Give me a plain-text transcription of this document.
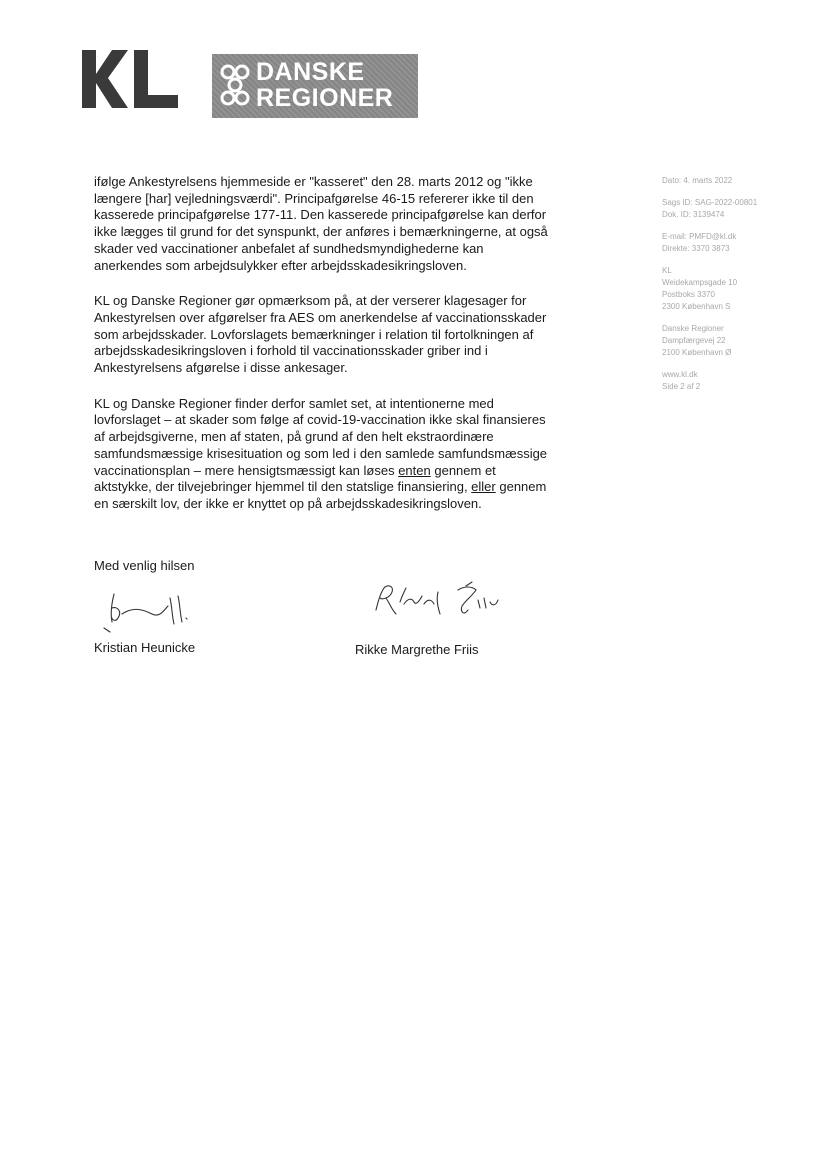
DANSKE
REGIONER

ifølge Ankestyrelsens hjemmeside er "kasseret" den 28. marts 2012 og "ikke længere [har] vejledningsværdi". Principafgørelse 46-15 refererer ikke til den kasserede principafgørelse 177-11. Den kasserede principafgørelse kan derfor ikke lægges til grund for det synspunkt, der anføres i bemærkningerne, at også skader ved vaccinationer anbefalet af sundhedsmyndighederne kan anerkendes som arbejdsulykker efter arbejdsskadesikringsloven.

KL og Danske Regioner gør opmærksom på, at der verserer klagesager for Ankestyrelsen over afgørelser fra AES om anerkendelse af vaccinationsskader som arbejdsskader. Lovforslagets bemærkninger i relation til fortolkningen af arbejdsskadesikringsloven i forhold til vaccinationsskader griber ind i Ankestyrelsens afgørelse i disse ankesager.

KL og Danske Regioner finder derfor samlet set, at intentionerne med lovforslaget – at skader som følge af covid-19-vaccination ikke skal finansieres af arbejdsgiverne, men af staten, på grund af den helt ekstraordinære samfundsmæssige krisesituation og som led i den samlede samfundsmæssige vaccinationsplan – mere hensigtsmæssigt kan løses enten gennem et aktstykke, der tilvejebringer hjemmel til den statslige finansiering, eller gennem en særskilt lov, der ikke er knyttet op på arbejdsskadesikringsloven.

Dato: 4. marts 2022
Sags ID: SAG-2022-00801
Dok. ID: 3139474
E-mail: PMFD@kl.dk
Direkte: 3370 3873
KL
Weidekampsgade 10
Postboks 3370
2300 København S
Danske Regioner
Dampfærgevej 22
2100 København Ø
www.kl.dk
Side 2 af 2
Med venlig hilsen
Kristian Heunicke	Rikke Margrethe Friis
